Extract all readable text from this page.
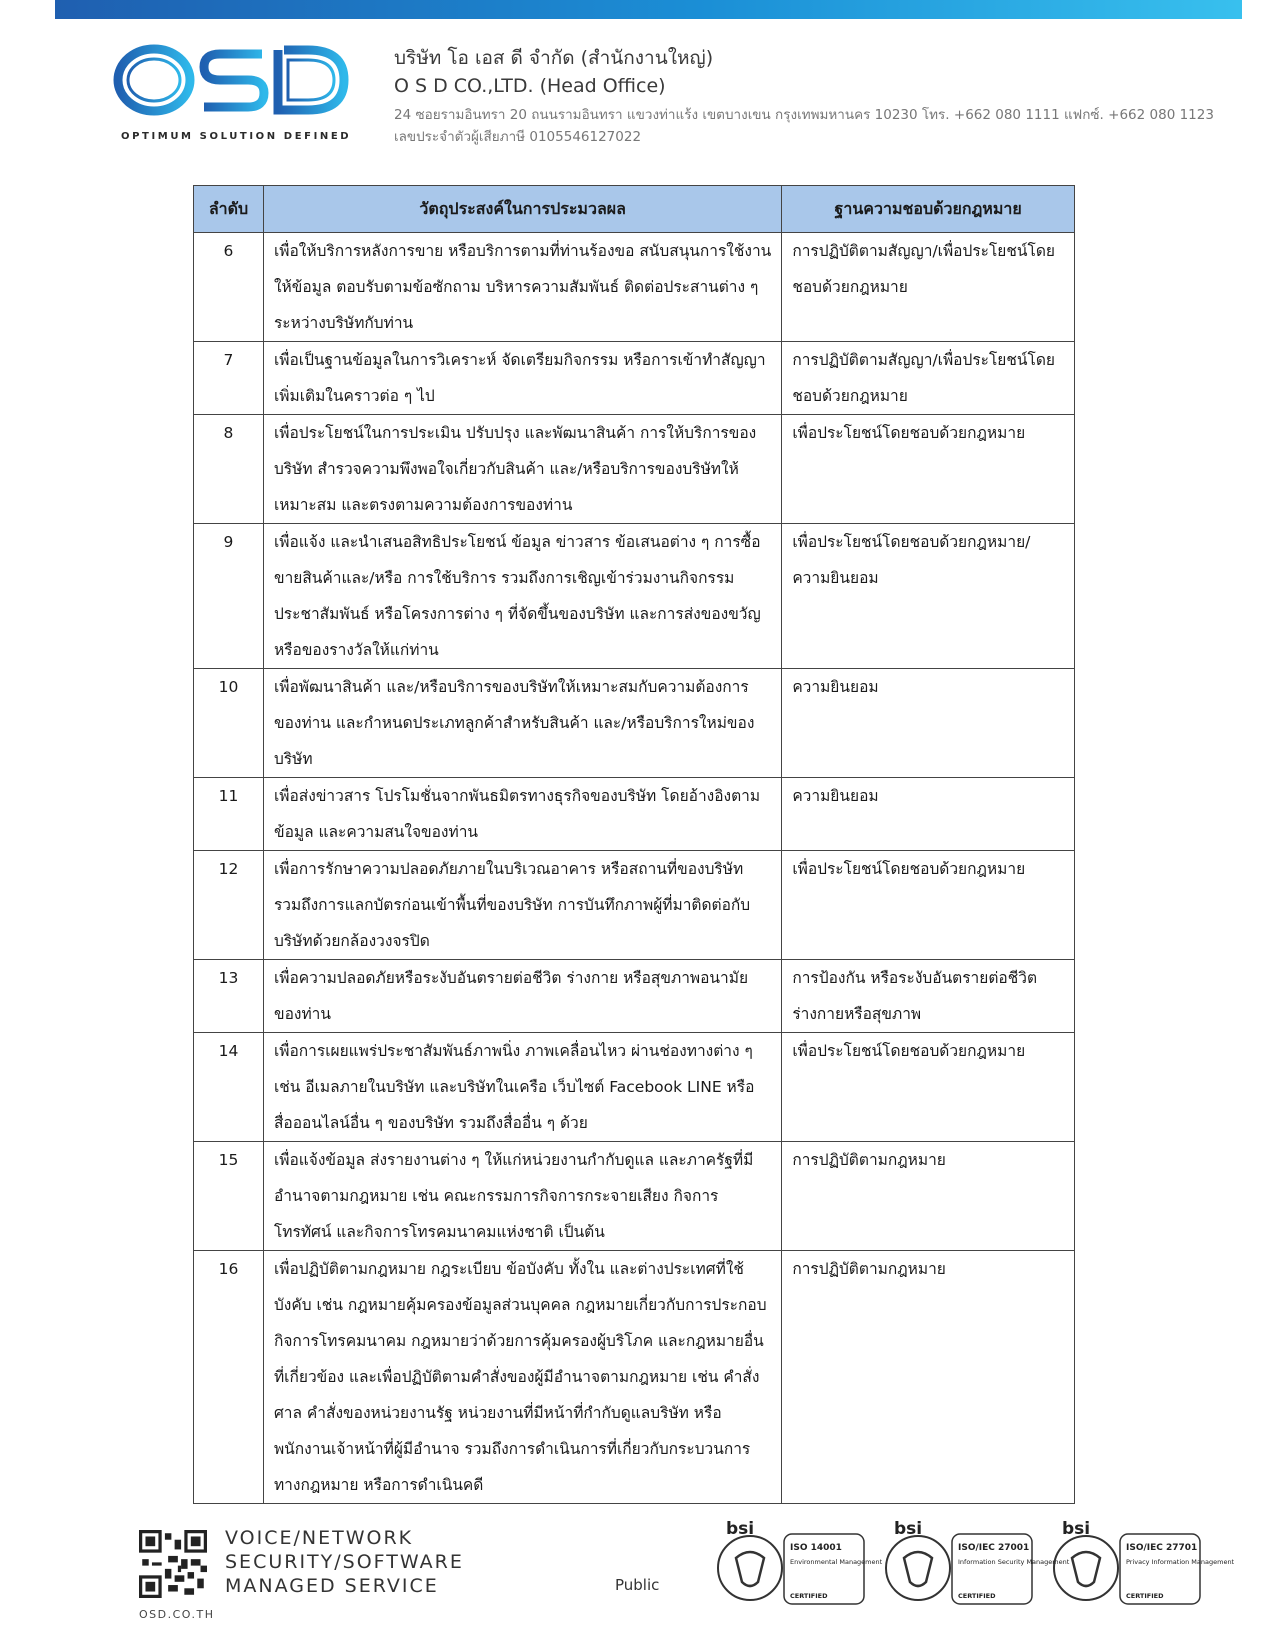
OPTIMUM SOLUTION DEFINED
บริษัท โอ เอส ดี จำกัด (สำนักงานใหญ่)
O S D CO.,LTD. (Head Office)
24 ซอยรามอินทรา 20 ถนนรามอินทรา แขวงท่าแร้ง เขตบางเขน กรุงเทพมหานคร 10230 โทร. +662 080 1111 แฟกซ์. +662 080 1123
เลขประจำตัวผู้เสียภาษี 0105546127022
ลำดับ	วัตถุประสงค์ในการประมวลผล	ฐานความชอบด้วยกฎหมาย
6	เพื่อให้บริการหลังการขาย หรือบริการตามที่ท่านร้องขอ สนับสนุนการใช้งาน ให้ข้อมูล ตอบรับตามข้อซักถาม บริหารความสัมพันธ์ ติดต่อประสานต่าง ๆ ระหว่างบริษัทกับท่าน	การปฏิบัติตามสัญญา/เพื่อประโยชน์โดยชอบด้วยกฎหมาย
7	เพื่อเป็นฐานข้อมูลในการวิเคราะห์ จัดเตรียมกิจกรรม หรือการเข้าทำสัญญาเพิ่มเติมในคราวต่อ ๆ ไป	การปฏิบัติตามสัญญา/เพื่อประโยชน์โดยชอบด้วยกฎหมาย
8	เพื่อประโยชน์ในการประเมิน ปรับปรุง และพัฒนาสินค้า การให้บริการของบริษัท สำรวจความพึงพอใจเกี่ยวกับสินค้า และ/หรือบริการของบริษัทให้เหมาะสม และตรงตามความต้องการของท่าน	เพื่อประโยชน์โดยชอบด้วยกฎหมาย
9	เพื่อแจ้ง และนำเสนอสิทธิประโยชน์ ข้อมูล ข่าวสาร ข้อเสนอต่าง ๆ การซื้อขายสินค้าและ/หรือ การใช้บริการ รวมถึงการเชิญเข้าร่วมงานกิจกรรม ประชาสัมพันธ์ หรือโครงการต่าง ๆ ที่จัดขึ้นของบริษัท และการส่งของขวัญ หรือของรางวัลให้แก่ท่าน	เพื่อประโยชน์โดยชอบด้วยกฎหมาย/ความยินยอม
10	เพื่อพัฒนาสินค้า และ/หรือบริการของบริษัทให้เหมาะสมกับความต้องการของท่าน และกำหนดประเภทลูกค้าสำหรับสินค้า และ/หรือบริการใหม่ของบริษัท	ความยินยอม
11	เพื่อส่งข่าวสาร โปรโมชั่นจากพันธมิตรทางธุรกิจของบริษัท โดยอ้างอิงตามข้อมูล และความสนใจของท่าน	ความยินยอม
12	เพื่อการรักษาความปลอดภัยภายในบริเวณอาคาร หรือสถานที่ของบริษัท รวมถึงการแลกบัตรก่อนเข้าพื้นที่ของบริษัท การบันทึกภาพผู้ที่มาติดต่อกับบริษัทด้วยกล้องวงจรปิด	เพื่อประโยชน์โดยชอบด้วยกฎหมาย
13	เพื่อความปลอดภัยหรือระงับอันตรายต่อชีวิต ร่างกาย หรือสุขภาพอนามัยของท่าน	การป้องกัน หรือระงับอันตรายต่อชีวิตร่างกายหรือสุขภาพ
14	เพื่อการเผยแพร่ประชาสัมพันธ์ภาพนิ่ง ภาพเคลื่อนไหว ผ่านช่องทางต่าง ๆ เช่น อีเมลภายในบริษัท และบริษัทในเครือ เว็บไซต์ Facebook LINE หรือสื่อออนไลน์อื่น ๆ ของบริษัท รวมถึงสื่ออื่น ๆ ด้วย	เพื่อประโยชน์โดยชอบด้วยกฎหมาย
15	เพื่อแจ้งข้อมูล ส่งรายงานต่าง ๆ ให้แก่หน่วยงานกำกับดูแล และภาครัฐที่มีอำนาจตามกฎหมาย เช่น คณะกรรมการกิจการกระจายเสียง กิจการโทรทัศน์ และกิจการโทรคมนาคมแห่งชาติ เป็นต้น	การปฏิบัติตามกฎหมาย
16	เพื่อปฏิบัติตามกฎหมาย กฎระเบียบ ข้อบังคับ ทั้งใน และต่างประเทศที่ใช้บังคับ เช่น กฎหมายคุ้มครองข้อมูลส่วนบุคคล กฎหมายเกี่ยวกับการประกอบกิจการโทรคมนาคม กฎหมายว่าด้วยการคุ้มครองผู้บริโภค และกฎหมายอื่นที่เกี่ยวข้อง และเพื่อปฏิบัติตามคำสั่งของผู้มีอำนาจตามกฎหมาย เช่น คำสั่งศาล คำสั่งของหน่วยงานรัฐ หน่วยงานที่มีหน้าที่กำกับดูแลบริษัท หรือพนักงานเจ้าหน้าที่ผู้มีอำนาจ รวมถึงการดำเนินการที่เกี่ยวกับกระบวนการทางกฎหมาย หรือการดำเนินคดี	การปฏิบัติตามกฎหมาย
OSD.CO.TH
VOICE/NETWORK
SECURITY/SOFTWARE
MANAGED SERVICE	Public
bsi
ISO 14001
Environmental Management
CERTIFIED
bsi
ISO/IEC 27001
Information Security Management
CERTIFIED
bsi
ISO/IEC 27701
Privacy Information Management
CERTIFIED
